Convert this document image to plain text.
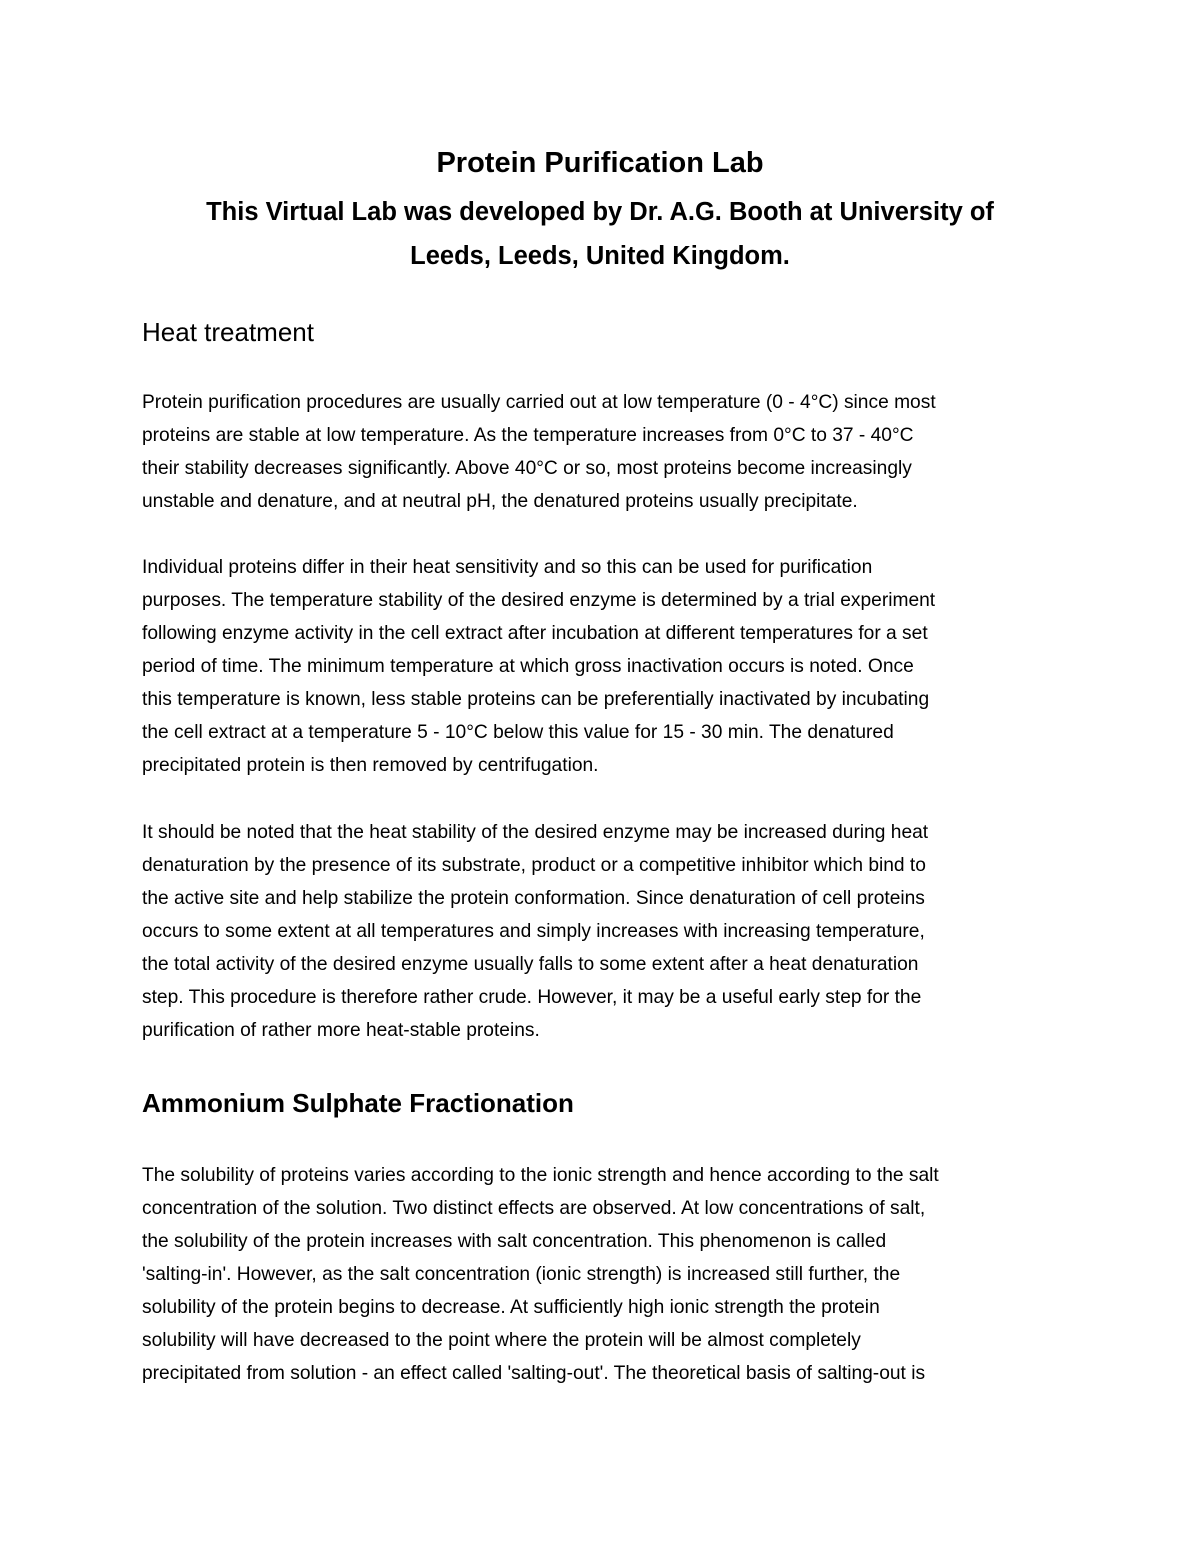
Protein Purification Lab
This Virtual Lab was developed by Dr. A.G. Booth at University of
Leeds, Leeds, United Kingdom.
Heat treatment

Protein purification procedures are usually carried out at low temperature (0 - 4°C) since most
proteins are stable at low temperature. As the temperature increases from 0°C to 37 - 40°C
their stability decreases significantly. Above 40°C or so, most proteins become increasingly
unstable and denature, and at neutral pH, the denatured proteins usually precipitate.

Individual proteins differ in their heat sensitivity and so this can be used for purification
purposes. The temperature stability of the desired enzyme is determined by a trial experiment
following enzyme activity in the cell extract after incubation at different temperatures for a set
period of time. The minimum temperature at which gross inactivation occurs is noted. Once
this temperature is known, less stable proteins can be preferentially inactivated by incubating
the cell extract at a temperature 5 - 10°C below this value for 15 - 30 min. The denatured
precipitated protein is then removed by centrifugation.

It should be noted that the heat stability of the desired enzyme may be increased during heat
denaturation by the presence of its substrate, product or a competitive inhibitor which bind to
the active site and help stabilize the protein conformation. Since denaturation of cell proteins
occurs to some extent at all temperatures and simply increases with increasing temperature,
the total activity of the desired enzyme usually falls to some extent after a heat denaturation
step. This procedure is therefore rather crude. However, it may be a useful early step for the
purification of rather more heat-stable proteins.

Ammonium Sulphate Fractionation

The solubility of proteins varies according to the ionic strength and hence according to the salt
concentration of the solution. Two distinct effects are observed. At low concentrations of salt,
the solubility of the protein increases with salt concentration. This phenomenon is called
'salting-in'. However, as the salt concentration (ionic strength) is increased still further, the
solubility of the protein begins to decrease. At sufficiently high ionic strength the protein
solubility will have decreased to the point where the protein will be almost completely
precipitated from solution - an effect called 'salting-out'. The theoretical basis of salting-out is
